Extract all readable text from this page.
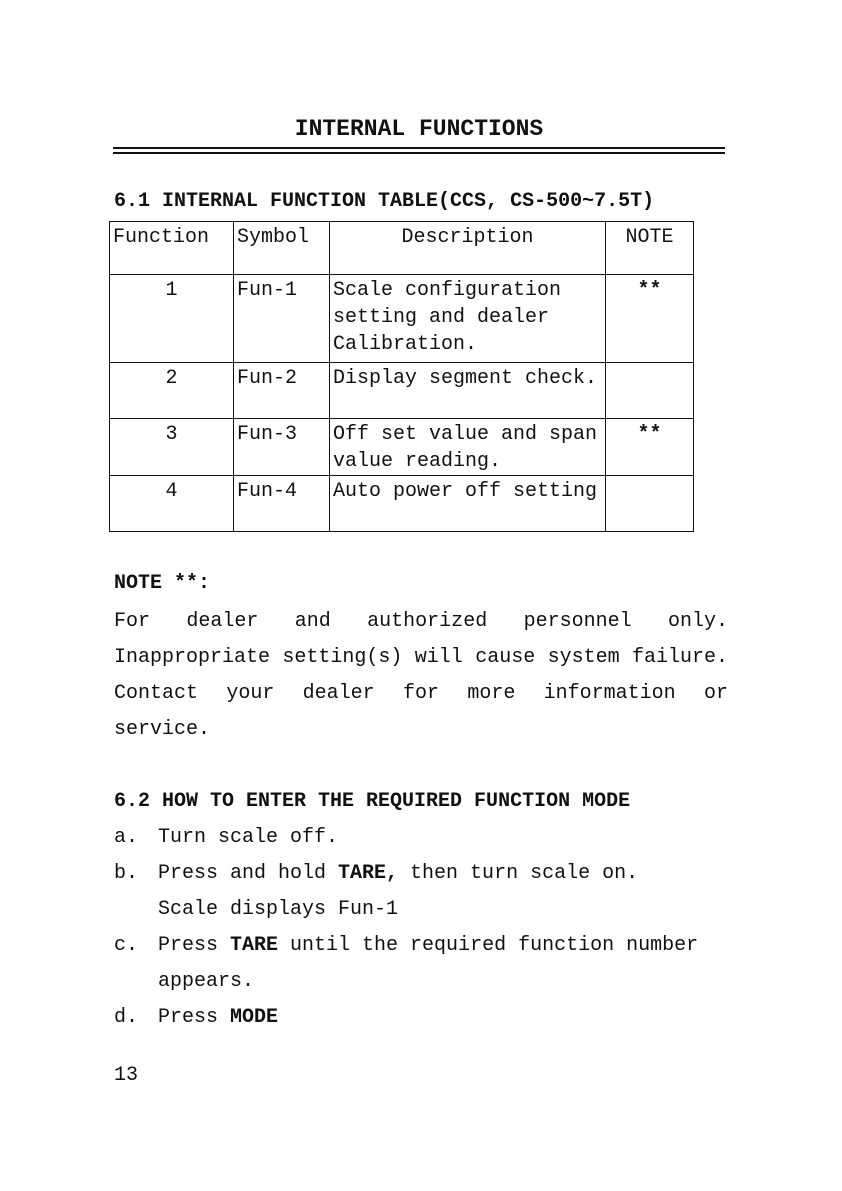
INTERNAL FUNCTIONS
6.1 INTERNAL FUNCTION TABLE(CCS, CS-500~7.5T)
Function	Symbol	Description	NOTE
1	Fun-1	Scale configuration setting and dealer Calibration.	**
2	Fun-2	Display segment check.	
3	Fun-3	Off set value and span value reading.	**
4	Fun-4	Auto power off setting	
NOTE **:
For dealer and authorized personnel only. Inappropriate setting(s) will cause system failure. Contact your dealer for more information or service.
6.2 HOW TO ENTER THE REQUIRED FUNCTION MODE
a. Turn scale off.
b. Press and hold TARE, then turn scale on.
Scale displays Fun-1
c. Press TARE until the required function number appears.
d. Press MODE
13
